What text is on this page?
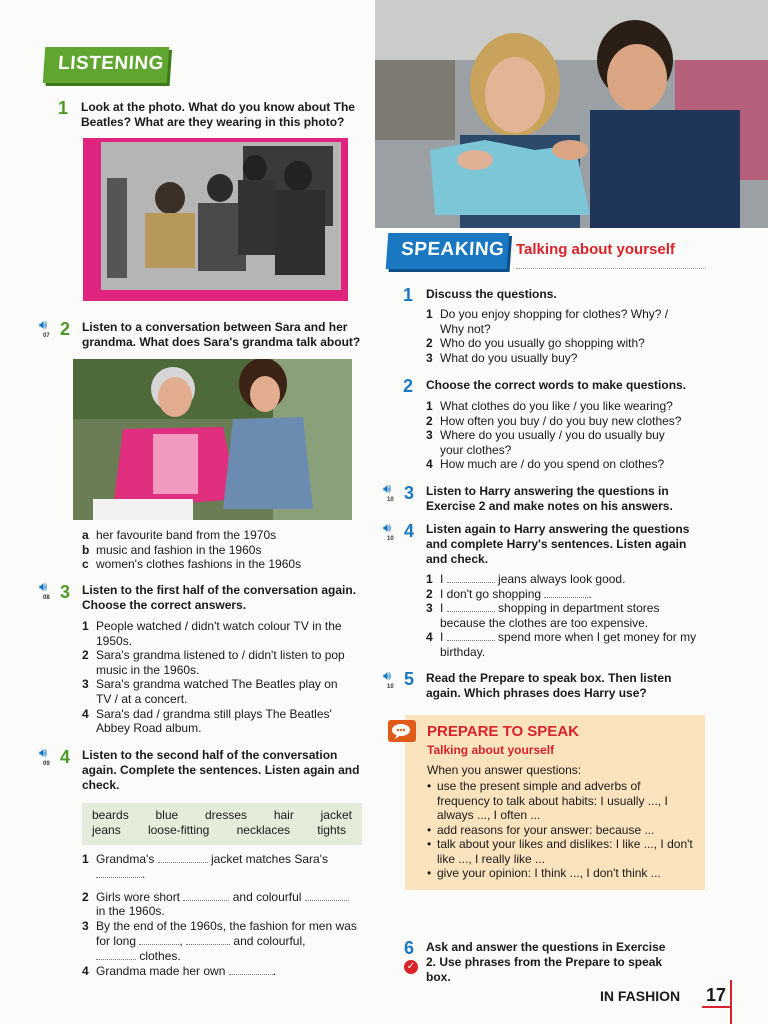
LISTENING
1 Look at the photo. What do you know about The Beatles? What are they wearing in this photo?
🔊︎
07 2 Listen to a conversation between Sara and her grandma. What does Sara's grandma talk about?
a her favourite band from the 1970s
b music and fashion in the 1960s
c women's clothes fashions in the 1960s
🔊︎
08 3 Listen to the first half of the conversation again. Choose the correct answers.
1 People watched / didn't watch colour TV in the 1950s.
2 Sara's grandma listened to / didn't listen to pop music in the 1960s.
3 Sara's grandma watched The Beatles play on TV / at a concert.
4 Sara's dad / grandma still plays The Beatles' Abbey Road album.
🔊︎
09 4 Listen to the second half of the conversation again. Complete the sentences. Listen again and check.
beards blue dresses hair jacket
jeans loose-fitting necklaces tights
1 Grandma's	jacket matches Sara's
.
2 Girls wore short	and colourful
in the 1960s.
3 By the end of the 1960s, the fashion for men was for long	,	and colourful,
clothes.
4 Grandma made her own	.
SPEAKING Talking about yourself
1 Discuss the questions.
1 Do you enjoy shopping for clothes? Why? / Why not?
2 Who do you usually go shopping with?
3 What do you usually buy?
2 Choose the correct words to make questions.
1 What clothes do you like / you like wearing?
2 How often you buy / do you buy new clothes?
3 Where do you usually / you do usually buy your clothes?
4 How much are / do you spend on clothes?
🔊︎
10 3 Listen to Harry answering the questions in Exercise 2 and make notes on his answers.
🔊︎
10 4 Listen again to Harry answering the questions and complete Harry's sentences. Listen again and check.
1 I	jeans always look good.
2 I don't go shopping	.
3 I	shopping in department stores because the clothes are too expensive.
4 I	spend more when I get money for my birthday.
🔊︎
10 5 Read the Prepare to speak box. Then listen again. Which phrases does Harry use?
PREPARE TO SPEAK
Talking about yourself
When you answer questions:
• use the present simple and adverbs of frequency to talk about habits: I usually ..., I always ..., I often ...
• add reasons for your answer: because ...
• talk about your likes and dislikes: I like ..., I don't like ..., I really like ...
• give your opinion: I think ..., I don't think ...
6
✓
Ask and answer the questions in Exercise 2. Use phrases from the Prepare to speak box.
IN FASHION 17
